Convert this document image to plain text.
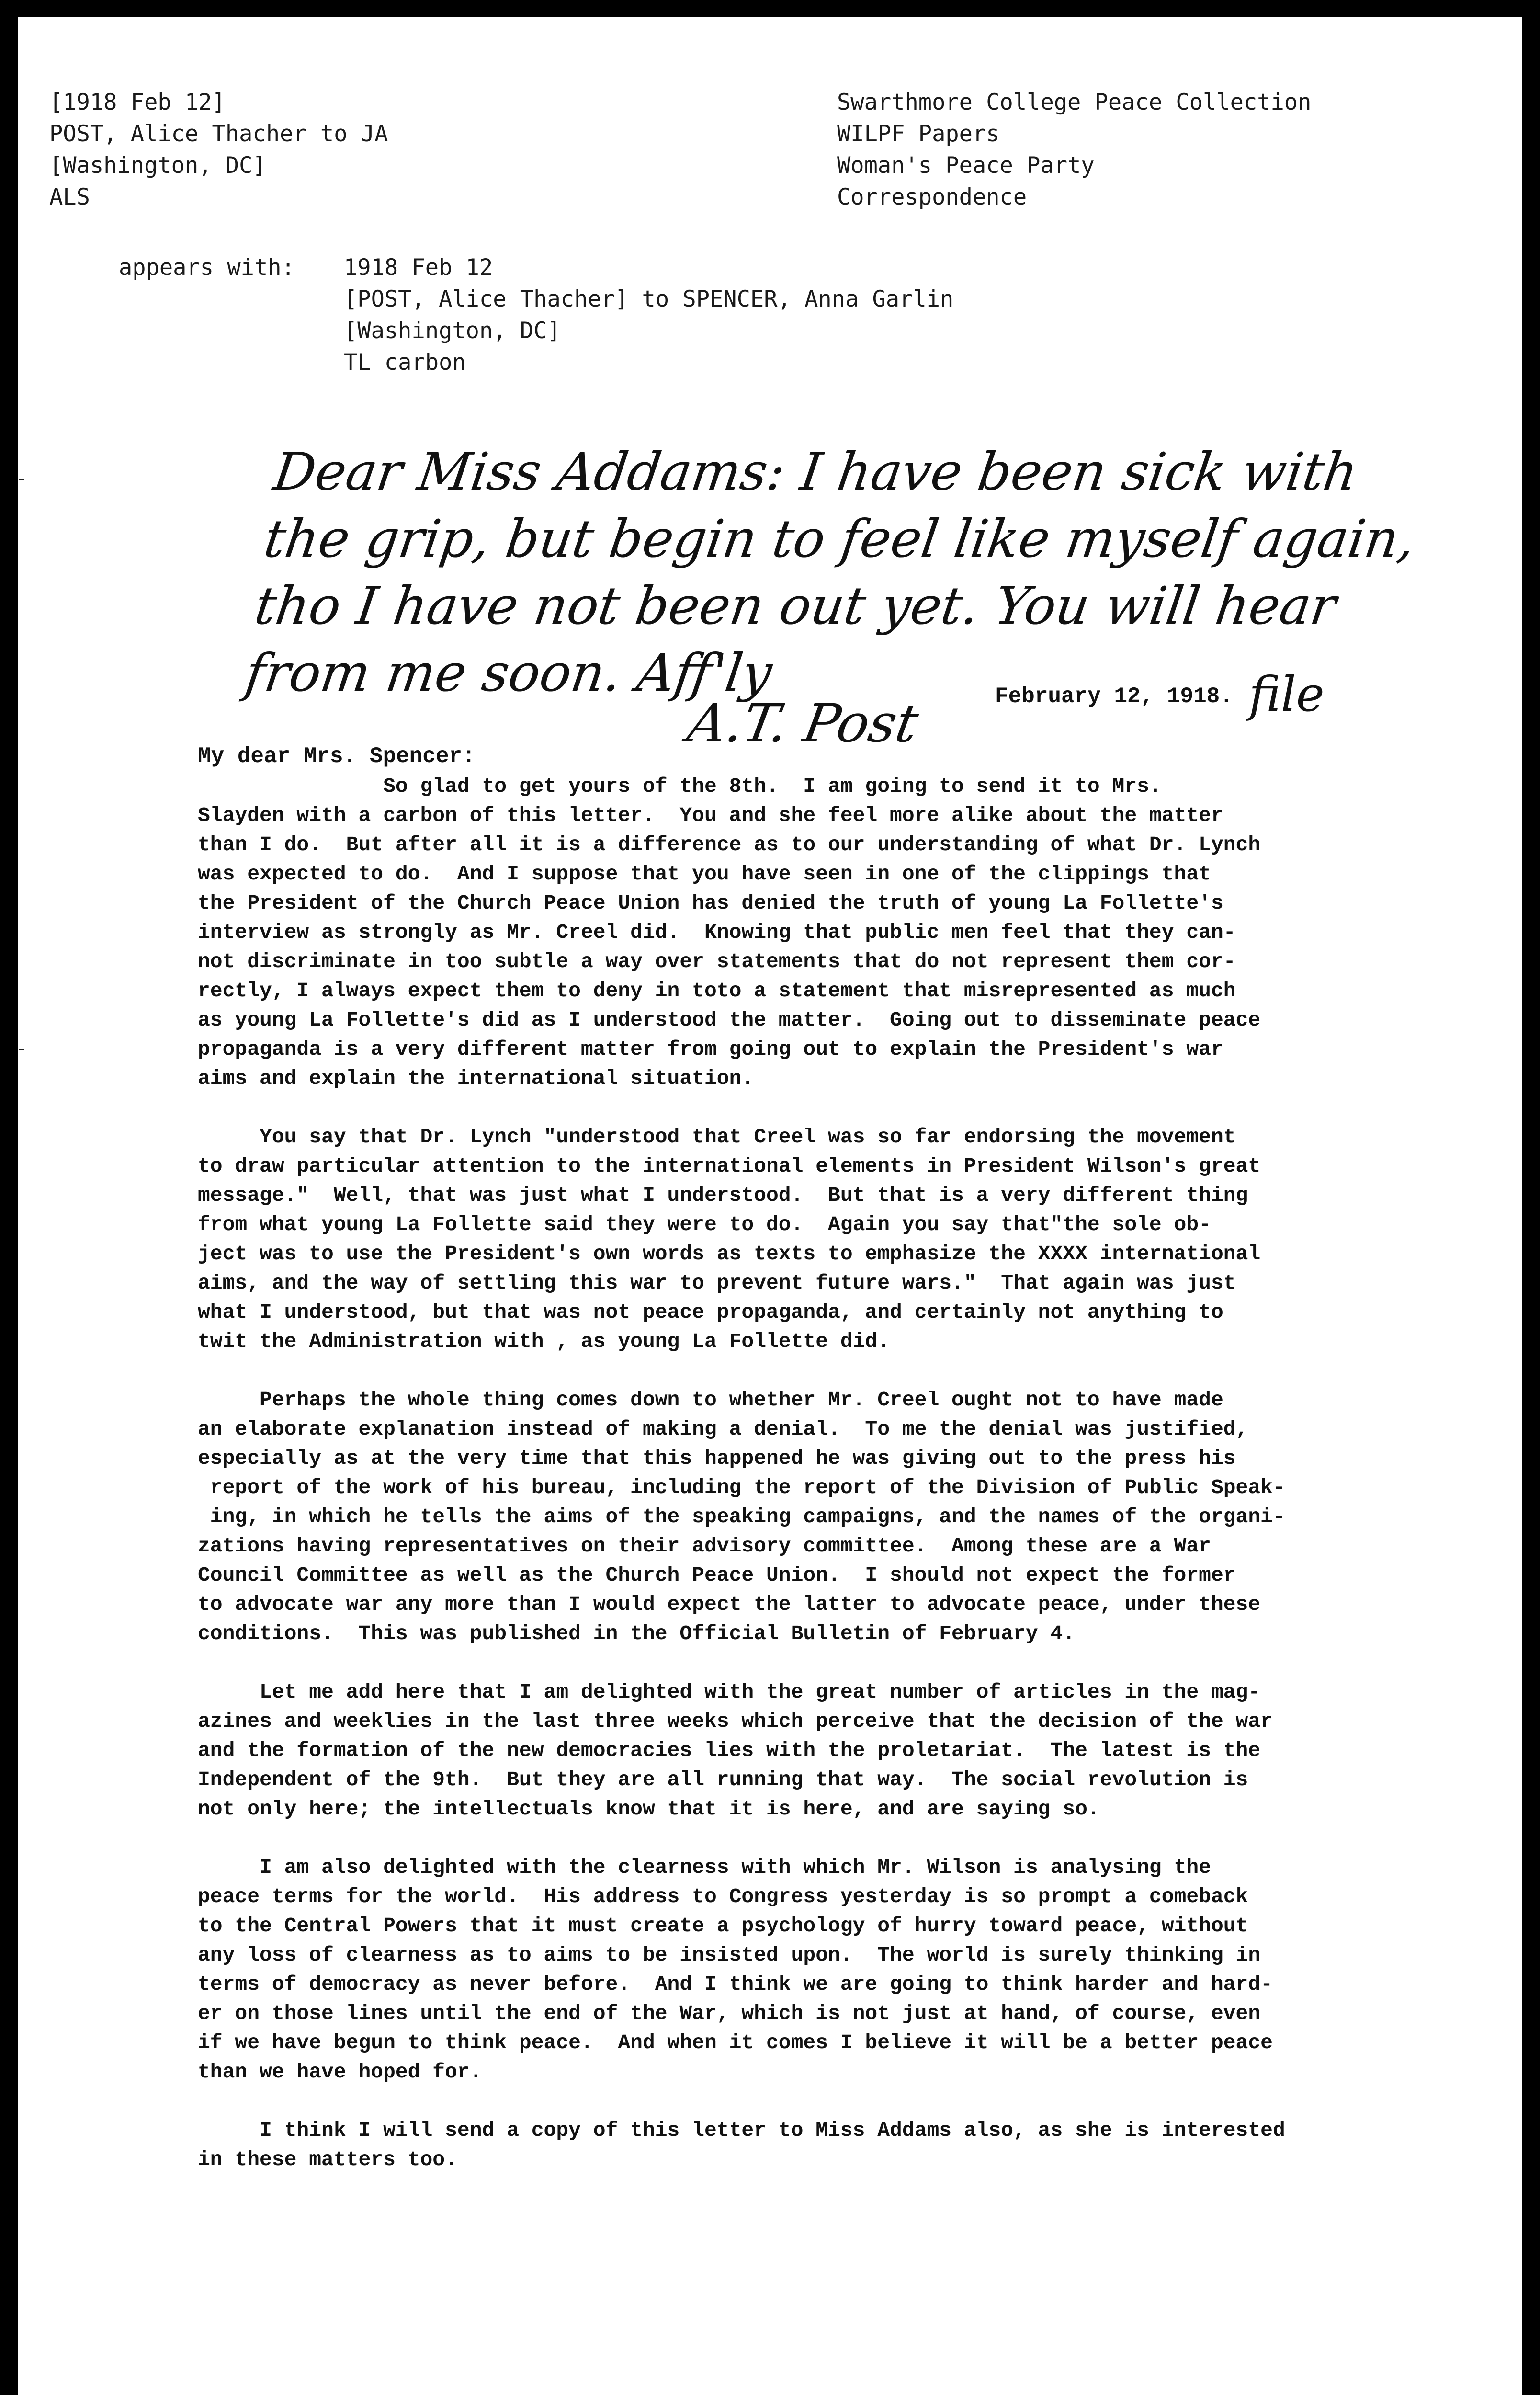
[1918 Feb 12]
POST, Alice Thacher to JA
[Washington, DC]
ALS
Swarthmore College Peace Collection
WILPF Papers
Woman's Peace Party
Correspondence
appears with: 1918 Feb 12
[POST, Alice Thacher] to SPENCER, Anna Garlin
[Washington, DC]
TL carbon
-
-
Dear Miss Addams: I have been sick with
the grip, but begin to feel like myself again,
tho I have not been out yet. You will hear
from me soon. Aff'ly
A.T. Post	file
February 12, 1918.
My dear Mrs. Spencer:
So glad to get yours of the 8th.  I am going to send it to Mrs.
Slayden with a carbon of this letter.  You and she feel more alike about the matter
than I do.  But after all it is a difference as to our understanding of what Dr. Lynch
was expected to do.  And I suppose that you have seen in one of the clippings that
the President of the Church Peace Union has denied the truth of young La Follette's
interview as strongly as Mr. Creel did.  Knowing that public men feel that they can-
not discriminate in too subtle a way over statements that do not represent them cor-
rectly, I always expect them to deny in toto a statement that misrepresented as much
as young La Follette's did as I understood the matter.  Going out to disseminate peace
propaganda is a very different matter from going out to explain the President's war
aims and explain the international situation.
You say that Dr. Lynch "understood that Creel was so far endorsing the movement
to draw particular attention to the international elements in President Wilson's great
message."  Well, that was just what I understood.  But that is a very different thing
from what young La Follette said they were to do.  Again you say that"the sole ob-
ject was to use the President's own words as texts to emphasize the XXXX international
aims, and the way of settling this war to prevent future wars."  That again was just
what I understood, but that was not peace propaganda, and certainly not anything to
twit the Administration with , as young La Follette did.
Perhaps the whole thing comes down to whether Mr. Creel ought not to have made
an elaborate explanation instead of making a denial.  To me the denial was justified,
especially as at the very time that this happened he was giving out to the press his
report of the work of his bureau, including the report of the Division of Public Speak-
ing, in which he tells the aims of the speaking campaigns, and the names of the organi-
zations having representatives on their advisory committee.  Among these are a War
Council Committee as well as the Church Peace Union.  I should not expect the former
to advocate war any more than I would expect the latter to advocate peace, under these
conditions.  This was published in the Official Bulletin of February 4.
Let me add here that I am delighted with the great number of articles in the mag-
azines and weeklies in the last three weeks which perceive that the decision of the war
and the formation of the new democracies lies with the proletariat.  The latest is the
Independent of the 9th.  But they are all running that way.  The social revolution is
not only here; the intellectuals know that it is here, and are saying so.
I am also delighted with the clearness with which Mr. Wilson is analysing the
peace terms for the world.  His address to Congress yesterday is so prompt a comeback
to the Central Powers that it must create a psychology of hurry toward peace, without
any loss of clearness as to aims to be insisted upon.  The world is surely thinking in
terms of democracy as never before.  And I think we are going to think harder and hard-
er on those lines until the end of the War, which is not just at hand, of course, even
if we have begun to think peace.  And when it comes I believe it will be a better peace
than we have hoped for.
I think I will send a copy of this letter to Miss Addams also, as she is interested
in these matters too.
